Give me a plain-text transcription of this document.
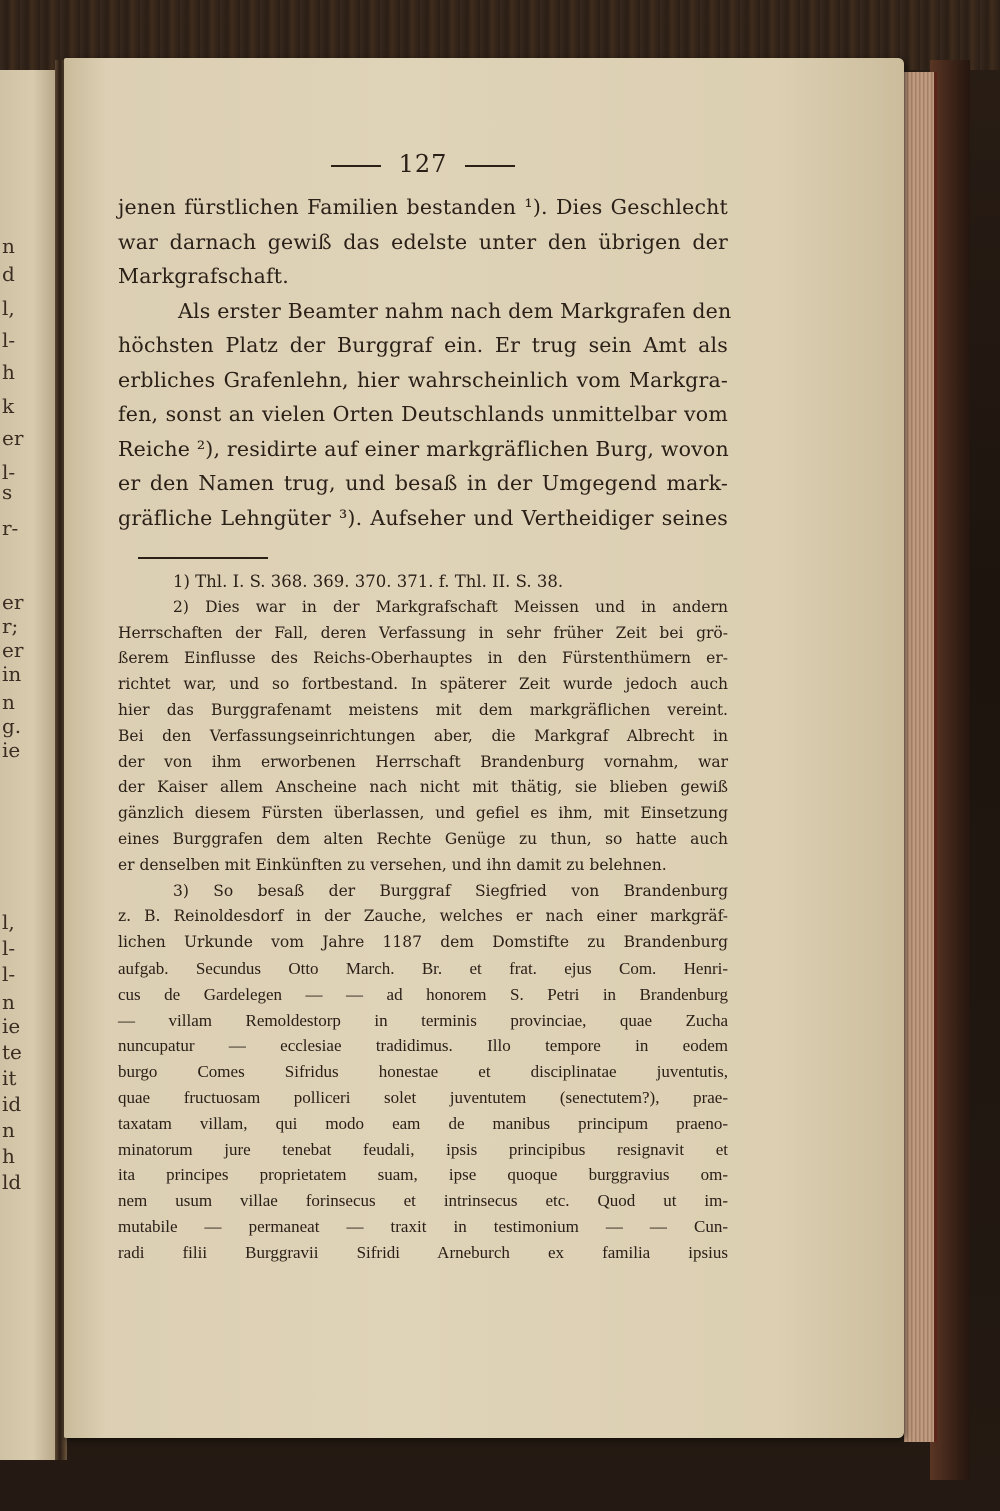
n
d
l,
l-
h
k
er
l-
s
r-
er
r;
er
in
n
g.
ie
l,
l-
l-
n
ie
te
it
id
n
h
ld
127
jenen fürstlichen Familien bestanden ¹). Dies Geschlecht
war darnach gewiß das edelste unter den übrigen der
Markgrafschaft.
Als erster Beamter nahm nach dem Markgrafen den
höchsten Platz der Burggraf ein. Er trug sein Amt als
erbliches Grafenlehn, hier wahrscheinlich vom Markgra-
fen, sonst an vielen Orten Deutschlands unmittelbar vom
Reiche ²), residirte auf einer markgräflichen Burg, wovon
er den Namen trug, und besaß in der Umgegend mark-
gräfliche Lehngüter ³). Aufseher und Vertheidiger seines
1) Thl. I. S. 368. 369. 370. 371. f. Thl. II. S. 38.
2) Dies war in der Markgrafschaft Meissen und in andern
Herrschaften der Fall, deren Verfassung in sehr früher Zeit bei grö-
ßerem Einflusse des Reichs-Oberhauptes in den Fürstenthümern er-
richtet war, und so fortbestand. In späterer Zeit wurde jedoch auch
hier das Burggrafenamt meistens mit dem markgräflichen vereint.
Bei den Verfassungseinrichtungen aber, die Markgraf Albrecht in
der von ihm erworbenen Herrschaft Brandenburg vornahm, war
der Kaiser allem Anscheine nach nicht mit thätig, sie blieben gewiß
gänzlich diesem Fürsten überlassen, und gefiel es ihm, mit Einsetzung
eines Burggrafen dem alten Rechte Genüge zu thun, so hatte auch
er denselben mit Einkünften zu versehen, und ihn damit zu belehnen.
3) So besaß der Burggraf Siegfried von Brandenburg
z. B. Reinoldesdorf in der Zauche, welches er nach einer markgräf-
lichen Urkunde vom Jahre 1187 dem Domstifte zu Brandenburg
aufgab. Secundus Otto March. Br. et frat. ejus Com. Henri-
cus de Gardelegen — — ad honorem S. Petri in Brandenburg
— villam Remoldestorp in terminis provinciae, quae Zucha
nuncupatur — ecclesiae tradidimus. Illo tempore in eodem
burgo Comes Sifridus honestae et disciplinatae juventutis,
quae fructuosam polliceri solet juventutem (senectutem?), prae-
taxatam villam, qui modo eam de manibus principum praeno-
minatorum jure tenebat feudali, ipsis principibus resignavit et
ita principes proprietatem suam, ipse quoque burggravius om-
nem usum villae forinsecus et intrinsecus etc. Quod ut im-
mutabile — permaneat — traxit in testimonium — — Cun-
radi filii Burggravii Sifridi Arneburch ex familia ipsius
